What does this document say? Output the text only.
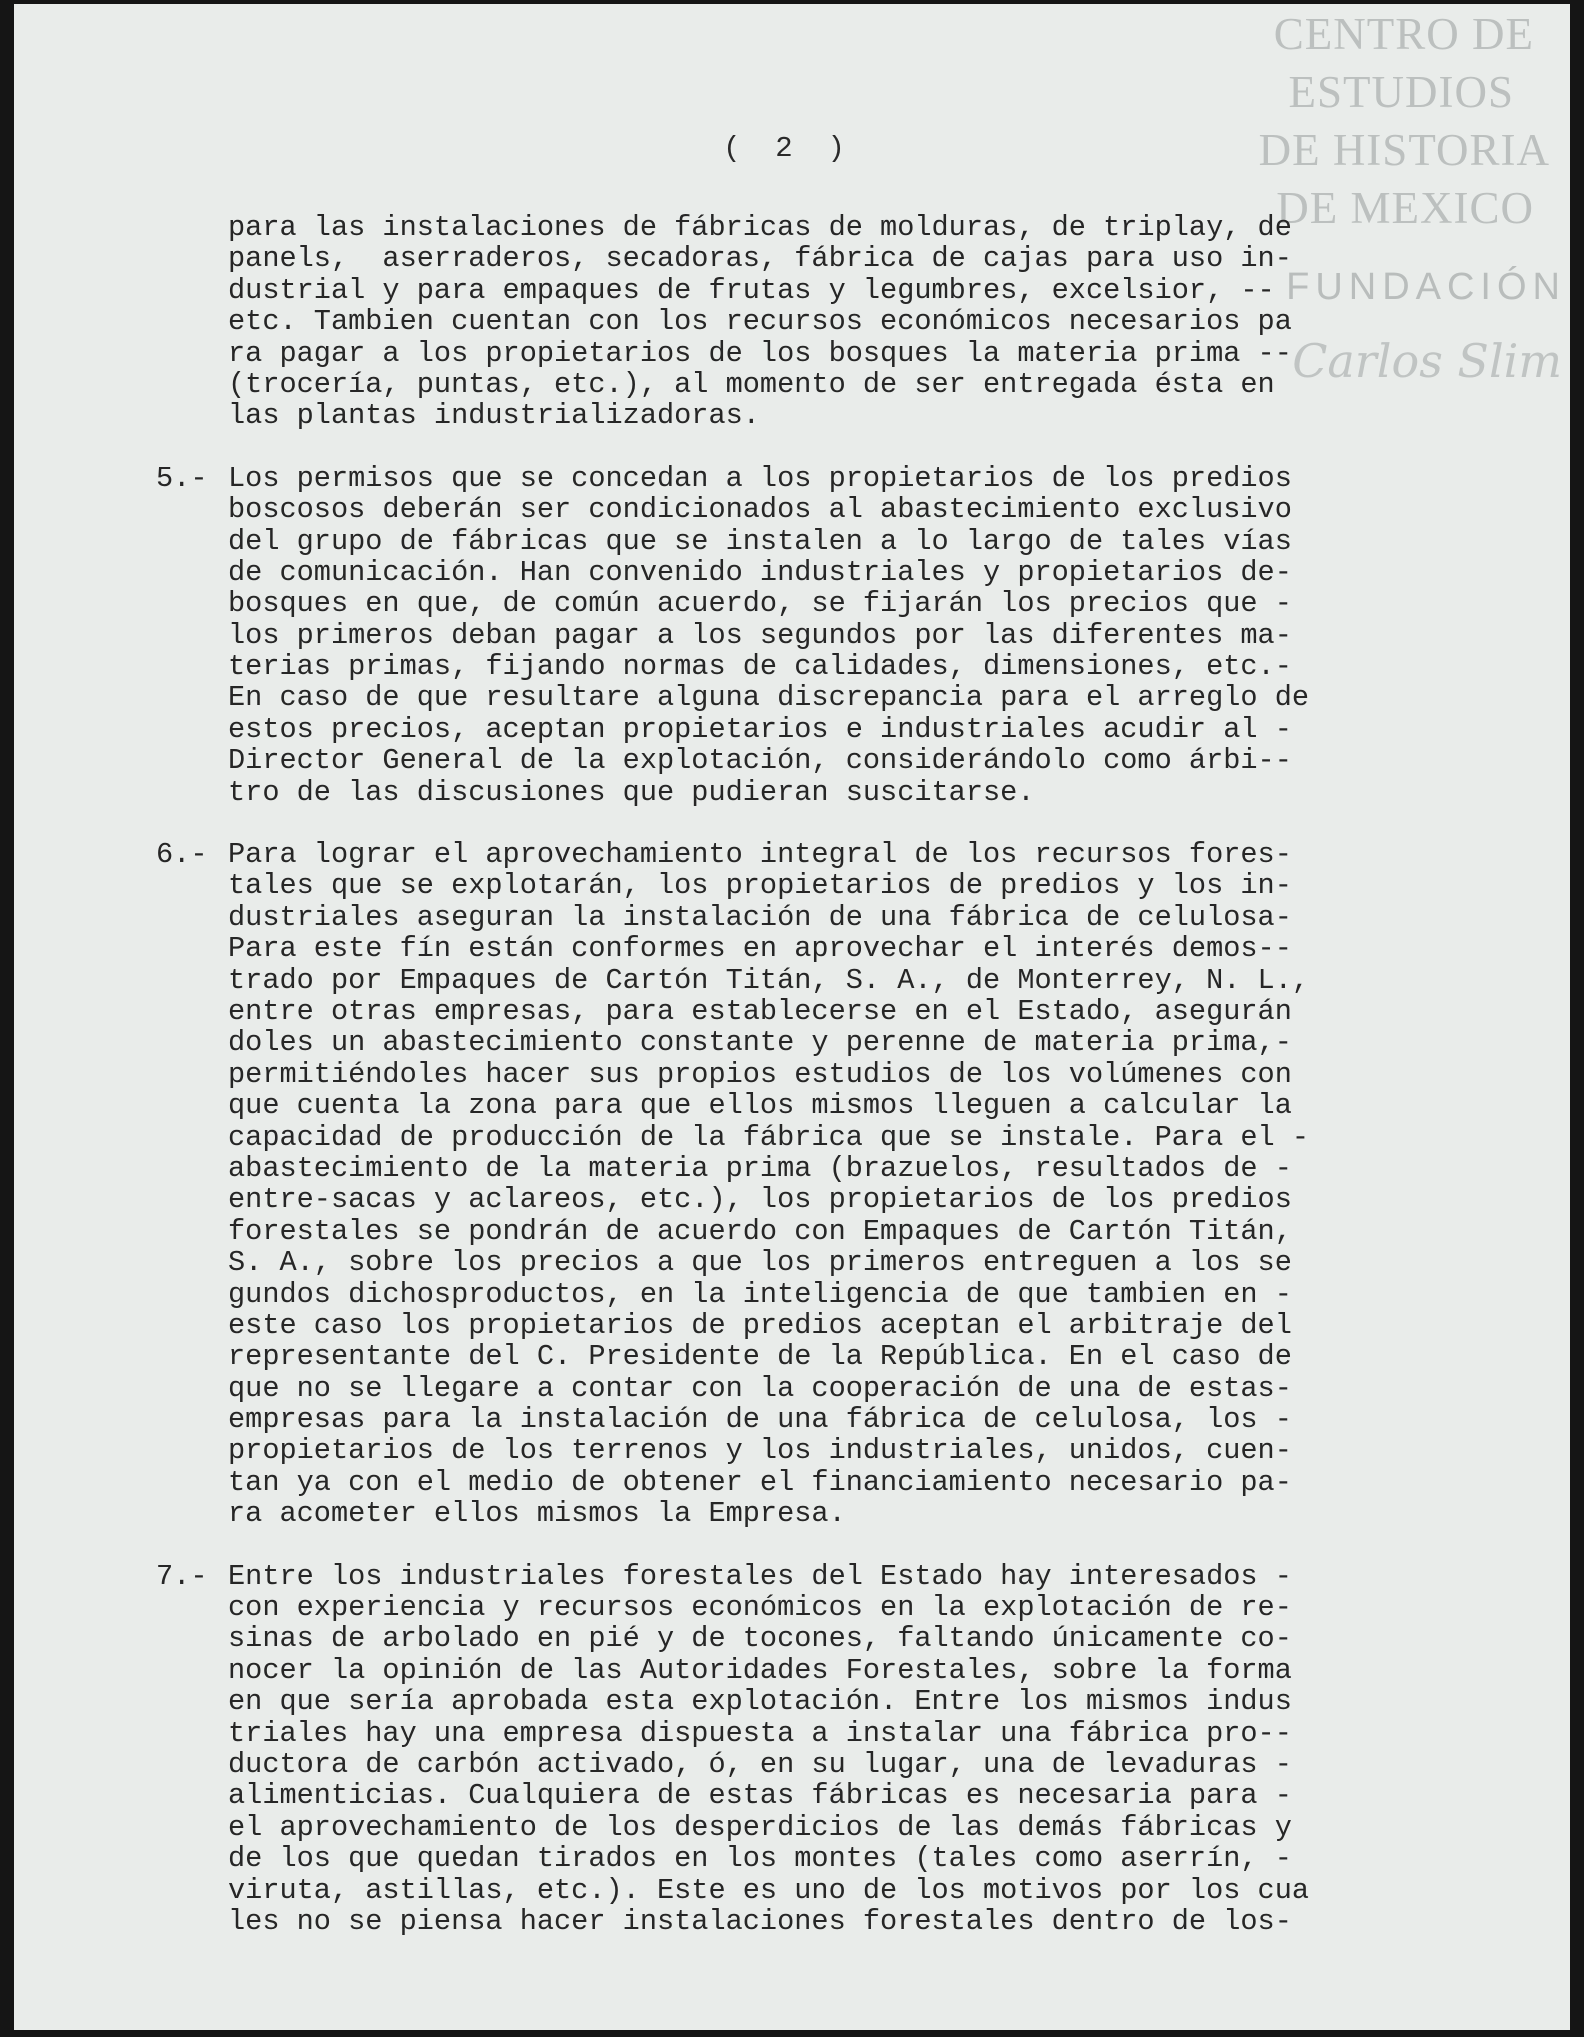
CENTRO DE
ESTUDIOS
DE HISTORIA
DE MEXICO
FUNDACIÓN
Carlos Slim
(  2  )
para las instalaciones de fábricas de molduras, de triplay, de
panels,  aserraderos, secadoras, fábrica de cajas para uso in-
dustrial y para empaques de frutas y legumbres, excelsior, --
etc. Tambien cuentan con los recursos económicos necesarios pa
ra pagar a los propietarios de los bosques la materia prima --
(trocería, puntas, etc.), al momento de ser entregada ésta en
las plantas industrializadoras.
5.- Los permisos que se concedan a los propietarios de los predios
boscosos deberán ser condicionados al abastecimiento exclusivo
del grupo de fábricas que se instalen a lo largo de tales vías
de comunicación. Han convenido industriales y propietarios de-
bosques en que, de común acuerdo, se fijarán los precios que -
los primeros deban pagar a los segundos por las diferentes ma-
terias primas, fijando normas de calidades, dimensiones, etc.-
En caso de que resultare alguna discrepancia para el arreglo de
estos precios, aceptan propietarios e industriales acudir al -
Director General de la explotación, considerándolo como árbi--
tro de las discusiones que pudieran suscitarse.
6.- Para lograr el aprovechamiento integral de los recursos fores-
tales que se explotarán, los propietarios de predios y los in-
dustriales aseguran la instalación de una fábrica de celulosa-
Para este fín están conformes en aprovechar el interés demos--
trado por Empaques de Cartón Titán, S. A., de Monterrey, N. L.,
entre otras empresas, para establecerse en el Estado, asegurán
doles un abastecimiento constante y perenne de materia prima,-
permitiéndoles hacer sus propios estudios de los volúmenes con
que cuenta la zona para que ellos mismos lleguen a calcular la
capacidad de producción de la fábrica que se instale. Para el -
abastecimiento de la materia prima (brazuelos, resultados de -
entre-sacas y aclareos, etc.), los propietarios de los predios
forestales se pondrán de acuerdo con Empaques de Cartón Titán,
S. A., sobre los precios a que los primeros entreguen a los se
gundos dichosproductos, en la inteligencia de que tambien en -
este caso los propietarios de predios aceptan el arbitraje del
representante del C. Presidente de la República. En el caso de
que no se llegare a contar con la cooperación de una de estas-
empresas para la instalación de una fábrica de celulosa, los -
propietarios de los terrenos y los industriales, unidos, cuen-
tan ya con el medio de obtener el financiamiento necesario pa-
ra acometer ellos mismos la Empresa.
7.- Entre los industriales forestales del Estado hay interesados -
con experiencia y recursos económicos en la explotación de re-
sinas de arbolado en pié y de tocones, faltando únicamente co-
nocer la opinión de las Autoridades Forestales, sobre la forma
en que sería aprobada esta explotación. Entre los mismos indus
triales hay una empresa dispuesta a instalar una fábrica pro--
ductora de carbón activado, ó, en su lugar, una de levaduras -
alimenticias. Cualquiera de estas fábricas es necesaria para -
el aprovechamiento de los desperdicios de las demás fábricas y
de los que quedan tirados en los montes (tales como aserrín, -
viruta, astillas, etc.). Este es uno de los motivos por los cua
les no se piensa hacer instalaciones forestales dentro de los-
